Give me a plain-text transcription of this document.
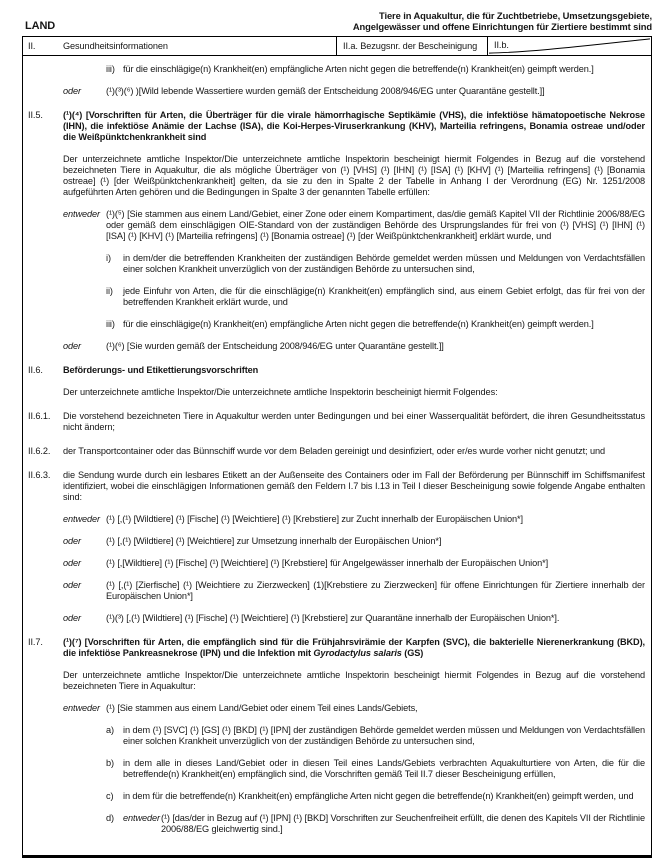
LAND
Tiere in Aquakultur, die für Zuchtbetriebe, Umsetzungsgebiete,
Angelgewässer und offene Einrichtungen für Ziertiere bestimmt sind
II.	Gesundheitsinformationen	II.a. Bezugsnr. der Bescheinigung	II.b.
iii) für die einschlägige(n) Krankheit(en) empfängliche Arten nicht gegen die betreffende(n) Krankheit(en) geimpft werden.]
oder	(¹)(³)(⁶) )[Wild lebende Wassertiere wurden gemäß der Entscheidung 2008/946/EG unter Quarantäne gestellt.]]
II.5.	(¹)(⁴) [Vorschriften für Arten, die Überträger für die virale hämorrhagische Septikämie (VHS), die infektiöse hämatopoetische Nekrose (IHN), die infektiöse Anämie der Lachse (ISA), die Koi-Herpes-Viruserkrankung (KHV), Marteilia refringens, Bonamia ostreae und/oder die Weißpünktchenkrankheit sind
Der unterzeichnete amtliche Inspektor/Die unterzeichnete amtliche Inspektorin bescheinigt hiermit Folgendes in Bezug auf die vorstehend bezeichneten Tiere in Aquakultur, die als mögliche Überträger von (¹) [VHS] (¹) [IHN] (¹) [ISA] (¹) [KHV] (¹) [Marteilia refringens] (¹) [Bonamia ostreae] (¹) [der Weißpünktchenkrankheit] gelten, da sie zu den in Spalte 2 der Tabelle in Anhang I der Verordnung (EG) Nr. 1251/2008 aufgeführten Arten gehören und die Bedingungen in Spalte 3 der genannten Tabelle erfüllen:
entweder (¹)(⁵) [Sie stammen aus einem Land/Gebiet, einer Zone oder einem Kompartiment, das/die gemäß Kapitel VII der Richtlinie 2006/88/EG oder gemäß dem einschlägigen OIE-Standard von der zuständigen Behörde des Ursprungslandes für frei von (¹) [VHS] (¹) [IHN] (¹) [ISA] (¹) [KHV] (¹) [Marteilia refringens] (¹) [Bonamia ostreae] (¹) [der Weißpünktchenkrankheit] erklärt wurde, und
i)	in dem/der die betreffenden Krankheiten der zuständigen Behörde gemeldet werden müssen und Meldungen von Verdachtsfällen einer solchen Krankheit unverzüglich von der zuständigen Behörde zu untersuchen sind,
ii)	jede Einfuhr von Arten, die für die einschlägige(n) Krankheit(en) empfänglich sind, aus einem Gebiet erfolgt, das für frei von der betreffenden Krankheit erklärt wurde, und
iii) für die einschlägige(n) Krankheit(en) empfängliche Arten nicht gegen die betreffende(n) Krankheit(en) geimpft werden.]
oder	(¹)(⁶) [Sie wurden gemäß der Entscheidung 2008/946/EG unter Quarantäne gestellt.]]
II.6.	Beförderungs- und Etikettierungsvorschriften
Der unterzeichnete amtliche Inspektor/Die unterzeichnete amtliche Inspektorin bescheinigt hiermit Folgendes:
II.6.1.	Die vorstehend bezeichneten Tiere in Aquakultur werden unter Bedingungen und bei einer Wasserqualität befördert, die ihren Gesundheitsstatus nicht ändern;
II.6.2.	der Transportcontainer oder das Bünnschiff wurde vor dem Beladen gereinigt und desinfiziert, oder er/es wurde vorher nicht genutzt; und
II.6.3.	die Sendung wurde durch ein lesbares Etikett an der Außenseite des Containers oder im Fall der Beförderung per Bünnschiff im Schiffsmanifest identifiziert, wobei die einschlägigen Informationen gemäß den Feldern I.7 bis I.13 in Teil I dieser Bescheinigung sowie folgende Angabe enthalten sind:
entweder (¹) [,(¹) [Wildtiere] (¹) [Fische] (¹) [Weichtiere] (¹) [Krebstiere] zur Zucht innerhalb der Europäischen Union*]
oder	(¹) [,(¹) [Wildtiere] (¹) [Weichtiere] zur Umsetzung innerhalb der Europäischen Union*]
oder	(¹) [,[Wildtiere] (¹) [Fische] (¹) [Weichtiere] (¹) [Krebstiere] für Angelgewässer innerhalb der Europäischen Union*]
oder	(¹) [,(¹) [Zierfische] (¹) [Weichtiere zu Zierzwecken] (1)[Krebstiere zu Zierzwecken] für offene Einrichtungen für Ziertiere innerhalb der Europäischen Union*]
oder	(¹)(³) [,(¹) [Wildtiere] (¹) [Fische] (¹) [Weichtiere] (¹) [Krebstiere] zur Quarantäne innerhalb der Europäischen Union*].
II.7.	(¹)(⁷) [Vorschriften für Arten, die empfänglich sind für die Frühjahrsvirämie der Karpfen (SVC), die bakterielle Nierenerkrankung (BKD), die infektiöse Pankreasnekrose (IPN) und die Infektion mit Gyrodactylus salaris (GS)
Der unterzeichnete amtliche Inspektor/Die unterzeichnete amtliche Inspektorin bescheinigt hiermit Folgendes in Bezug auf die vorstehend bezeichneten Tiere in Aquakultur:
entweder (¹) [Sie stammen aus einem Land/Gebiet oder einem Teil eines Lands/Gebiets,
a) in dem (¹) [SVC] (¹) [GS] (¹) [BKD] (¹) [IPN] der zuständigen Behörde gemeldet werden müssen und Meldungen von Verdachtsfällen einer solchen Krankheit unverzüglich von der zuständigen Behörde zu untersuchen sind,
b) in dem alle in dieses Land/Gebiet oder in diesen Teil eines Lands/Gebiets verbrachten Aquakulturtiere von Arten, die für die betreffende(n) Krankheit(en) empfänglich sind, die Vorschriften gemäß Teil II.7 dieser Bescheinigung erfüllen,
c)	in dem für die betreffende(n) Krankheit(en) empfängliche Arten nicht gegen die betreffende(n) Krankheit(en) geimpft werden, und
d) entweder (¹) [das/der in Bezug auf (¹) [IPN] (¹) [BKD] Vorschriften zur Seuchenfreiheit erfüllt, die denen des Kapitels VII der Richtlinie 2006/88/EG gleichwertig sind.]
